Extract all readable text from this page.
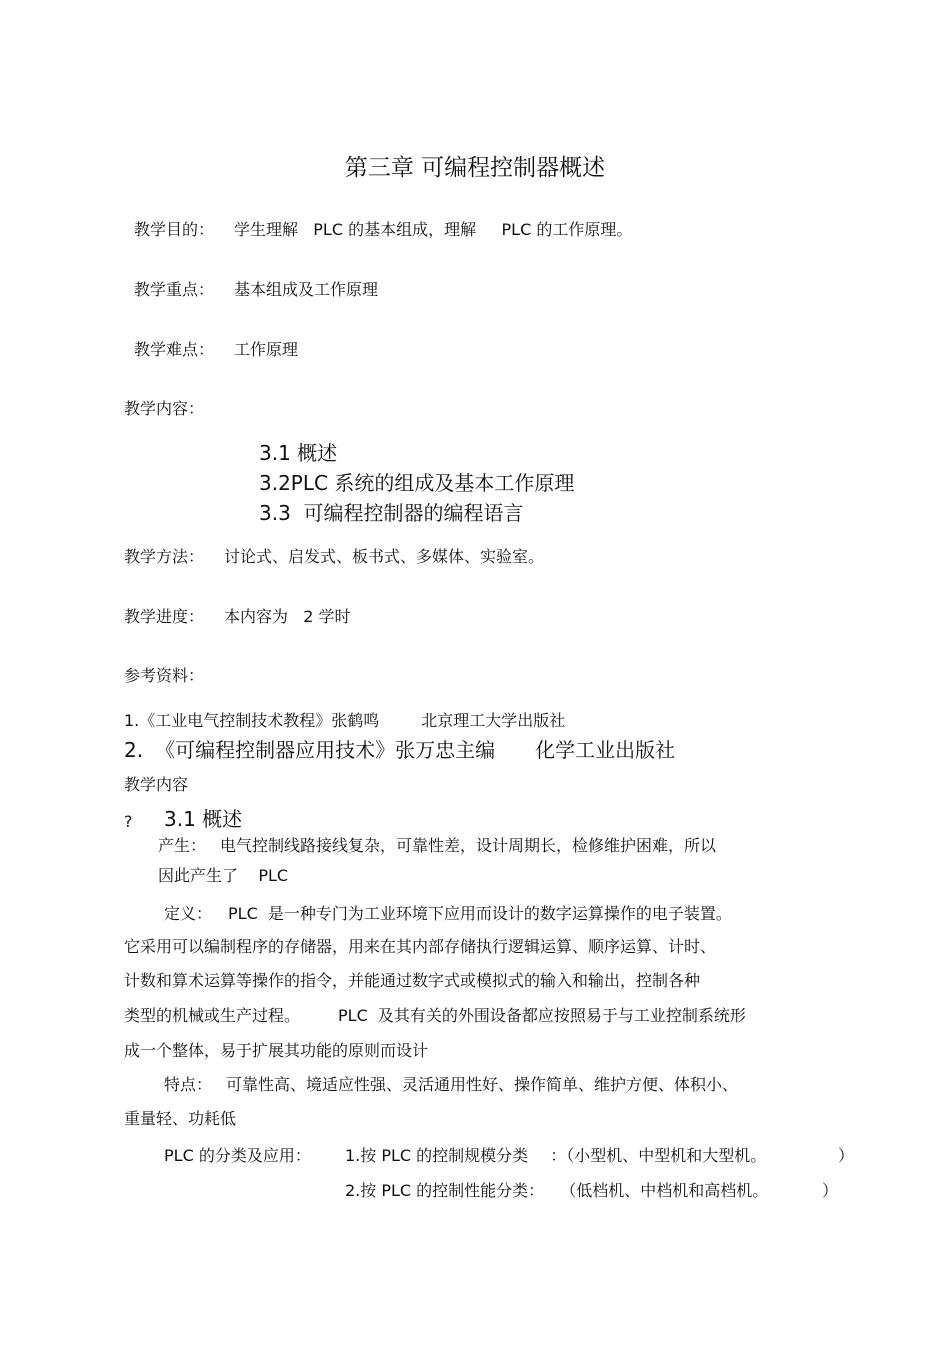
第三章 可编程控制器概述
教学目的： 学生理解   PLC 的基本组成，理解     PLC 的工作原理。
教学重点： 基本组成及工作原理
教学难点： 工作原理
教学内容：
3.1 概述
3.2PLC 系统的组成及基本工作原理
3.3  可编程控制器的编程语言
教学方法： 讨论式、启发式、板书式、多媒体、实验室。
教学进度： 本内容为   2 学时
参考资料：
1.《工业电气控制技术教程》张鹤鸣	北京理工大学出版社
2. 《可编程控制器应用技术》张万忠主编 化学工业出版社
教学内容
? 3.1 概述
产生： 电气控制线路接线复杂，可靠性差，设计周期长，检修维护困难，所以
因此产生了    PLC
定义： PLC  是一种专门为工业环境下应用而设计的数字运算操作的电子装置。
它采用可以编制程序的存储器，用来在其内部存储执行逻辑运算、顺序运算、计时、
计数和算术运算等操作的指令，并能通过数字式或模拟式的输入和输出，控制各种
类型的机械或生产过程。 PLC  及其有关的外围设备都应按照易于与工业控制系统形
成一个整体，易于扩展其功能的原则而设计
特点： 可靠性高、境适应性强、灵活通用性好、操作简单、维护方便、体积小、
重量轻、功耗低
PLC 的分类及应用： 1.按 PLC 的控制规模分类 ：（小型机、中型机和大型机。	）
2.按 PLC 的控制性能分类： （低档机、中档机和高档机。	）
